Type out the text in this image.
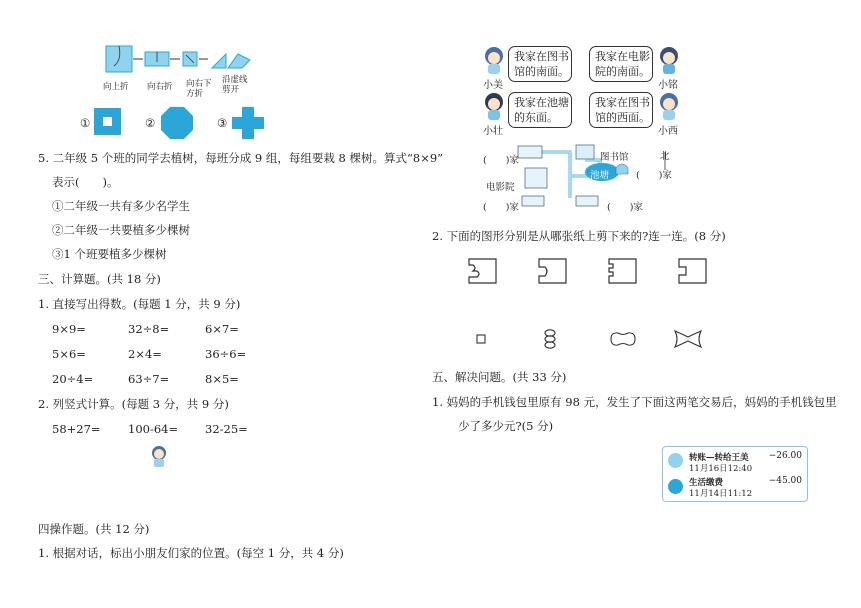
向上折 向右折 向右下
方折
沿虚线
剪开
①	②	③
5. 二年级 5 个班的同学去植树，每班分成 9 组，每组要栽 8 棵树。算式“8×9”
表示(　　)。
①二年级一共有多少名学生
②二年级一共要植多少棵树
③1 个班要植多少棵树
三、计算题。(共 18 分)
1. 直接写出得数。(每题 1 分，共 9 分)
9×9=	32÷8=	6×7=
5×6=	2×4=	36÷6=
20÷4=	63÷7=	8×5=
2. 列竖式计算。(每题 3 分，共 9 分)
58+27= 100-64= 32-25=
四操作题。(共 12 分)
1. 根据对话，标出小朋友们家的位置。(每空 1 分，共 4 分)
小美
我家在图书
馆的南面。
我家在电影
院的南面。
小铭
小壮
我家在池塘
的东面。
我家在图书
馆的西面。
小西
(　　)家	图书馆	北
电影院
池塘	(　　)家
(　　)家	(　　)家
2. 下面的图形分别是从哪张纸上剪下来的?连一连。(8 分)
五、解决问题。(共 33 分)
1. 妈妈的手机钱包里原有 98 元，发生了下面这两笔交易后，妈妈的手机钱包里
少了多少元?(5 分)
转账—转给王美
11月16日12:40
−26.00
生活缴费
11月14日11:12
−45.00
